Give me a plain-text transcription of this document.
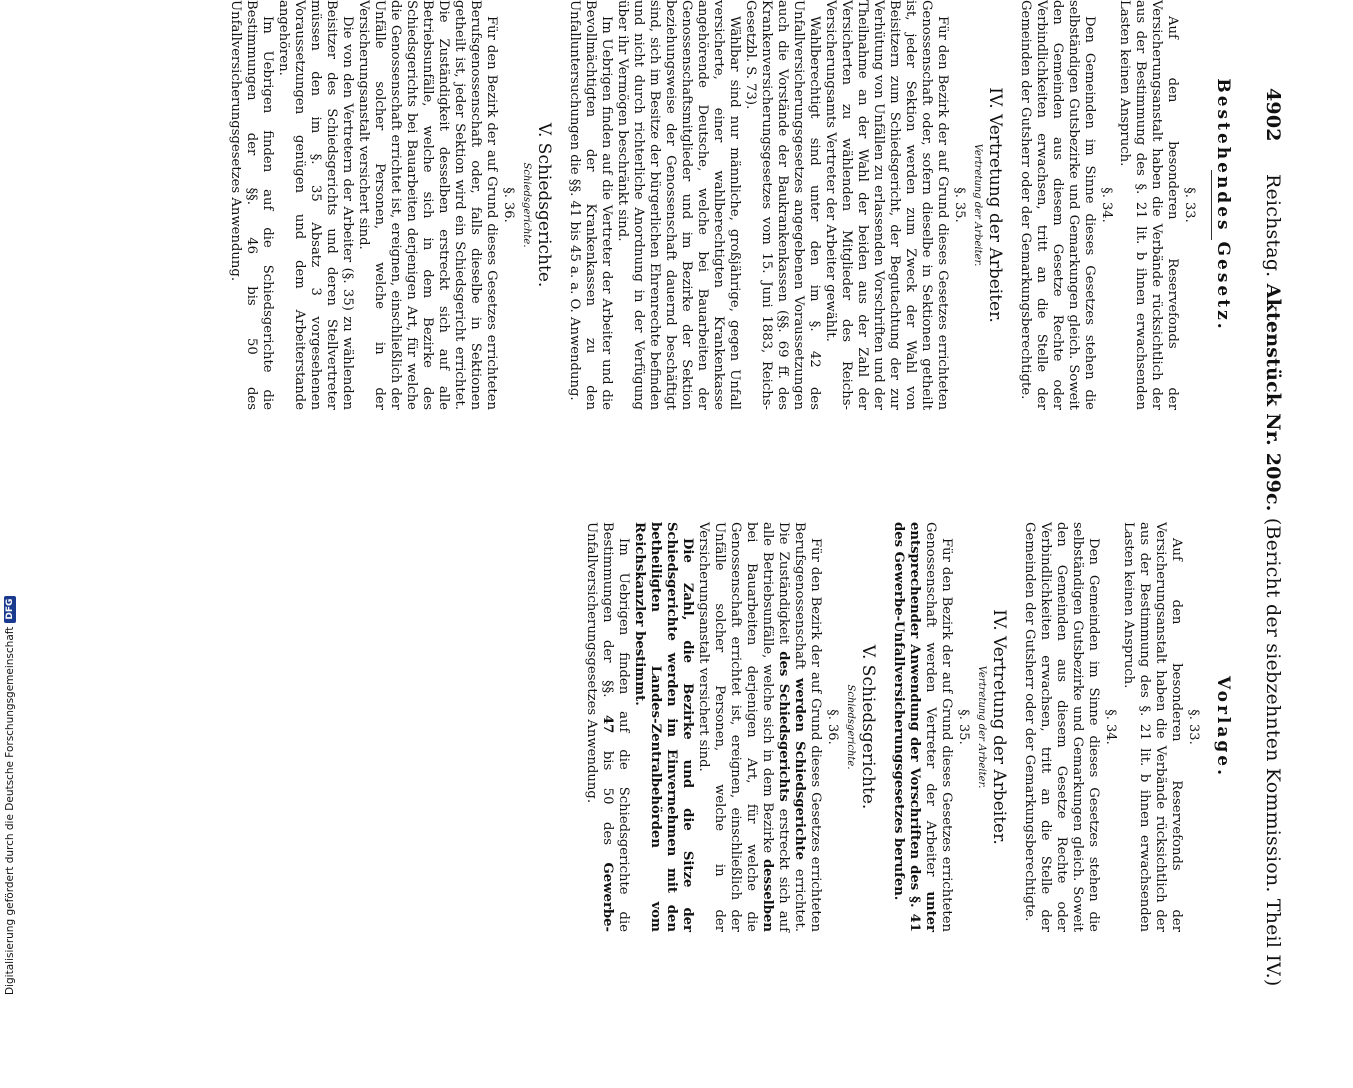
4902
Reichstag. Aktenstück Nr. 209c. (Bericht der siebzehnten Kommission. Theil IV.)
Bestehendes Gesetz.
§. 33.

Auf den besonderen Reservefonds der Versicherungsanstalt haben die Verbände rücksichtlich der aus der Bestimmung des §. 21 lit. b ihnen erwachsenden Lasten keinen Anspruch.

§. 34.

Den Gemeinden im Sinne dieses Gesetzes stehen die selbständigen Gutsbezirke und Gemarkungen gleich. Soweit den Gemeinden aus diesem Gesetze Rechte oder Verbindlichkeiten erwachsen, tritt an die Stelle der Gemeinden der Gutsherr oder der Gemarkungsberechtigte.

IV. Vertretung der Arbeiter.
Vertretung der Arbeiter.
§. 35.

Für den Bezirk der auf Grund dieses Gesetzes errichteten Genossenschaft oder, sofern dieselbe in Sektionen getheilt ist, jeder Sektion werden zum Zweck der Wahl von Beisitzern zum Schiedsgericht, der Begutachtung der zur Verhütung von Unfällen zu erlassenden Vorschriften und der Theilnahme an der Wahl der beiden aus der Zahl der Versicherten zu wählenden Mitglieder des Reichs-Versicherungsamts Vertreter der Arbeiter gewählt.

Wahlberechtigt sind unter den im §. 42 des Unfallversicherungsgesetzes angegebenen Voraussetzungen auch die Vorstände der Baukrankenkassen (§§. 69 ff. des Krankenversicherungsgesetzes vom 15. Juni 1883, Reichs-Gesetzbl. S. 73).

Wählbar sind nur männliche, großjährige, gegen Unfall versicherte, einer wahlberechtigten Krankenkasse angehörende Deutsche, welche bei Bauarbeiten der Genossenschaftsmitglieder und im Bezirke der Sektion beziehungsweise der Genossenschaft dauernd beschäftigt sind, sich im Besitze der bürgerlichen Ehrenrechte befinden und nicht durch richterliche Anordnung in der Verfügung über ihr Vermögen beschränkt sind.

Im Uebrigen finden auf die Vertreter der Arbeiter und die Bevollmächtigten der Krankenkassen zu den Unfalluntersuchungen die §§. 41 bis 45 a. a. O. Anwendung.

V. Schiedsgerichte.
Schiedsgerichte.
§. 36.

Für den Bezirk der auf Grund dieses Gesetzes errichteten Berufsgenossenschaft oder, falls dieselbe in Sektionen getheilt ist, jeder Sektion wird ein Schiedsgericht errichtet. Die Zuständigkeit desselben erstreckt sich auf alle Betriebsunfälle, welche sich in dem Bezirke des Schiedsgerichts bei Bauarbeiten derjenigen Art, für welche die Genossenschaft errichtet ist, ereignen, einschließlich der Unfälle solcher Personen, welche in der Versicherungsanstalt versichert sind.

Die von den Vertretern der Arbeiter (§. 35) zu wählenden Beisitzer des Schiedsgerichts und deren Stellvertreter müssen den im §. 35 Absatz 3 vorgesehenen Voraussetzungen genügen und dem Arbeiterstande angehören.

Im Uebrigen finden auf die Schiedsgerichte die Bestimmungen der §§. 46 bis 50 des Unfallversicherungsgesetzes Anwendung.

Vorlage.
§. 33.

Auf den besonderen Reservefonds der Versicherungsanstalt haben die Verbände rücksichtlich der aus der Bestimmung des §. 21 lit. b ihnen erwachsenden Lasten keinen Anspruch.

§. 34.

Den Gemeinden im Sinne dieses Gesetzes stehen die selbständigen Gutsbezirke und Gemarkungen gleich. Soweit den Gemeinden aus diesem Gesetze Rechte oder Verbindlichkeiten erwachsen, tritt an die Stelle der Gemeinden der Gutsherr oder der Gemarkungsberechtigte.

IV. Vertretung der Arbeiter.
Vertretung der Arbeiter.
§. 35.

Für den Bezirk der auf Grund dieses Gesetzes errichteten Genossenschaft werden Vertreter der Arbeiter unter entsprechender Anwendung der Vorschriften des §. 41 des Gewerbe-Unfallversicherungsgesetzes berufen.

V. Schiedsgerichte.
Schiedsgerichte.
§. 36.

Für den Bezirk der auf Grund dieses Gesetzes errichteten Berufsgenossenschaft werden Schiedsgerichte errichtet. Die Zuständigkeit des Schiedsgerichts erstreckt sich auf alle Betriebsunfälle, welche sich in dem Bezirke desselben bei Bauarbeiten derjenigen Art, für welche die Genossenschaft errichtet ist, ereignen, einschließlich der Unfälle solcher Personen, welche in der Versicherungsanstalt versichert sind.

Die Zahl, die Bezirke und die Sitze der Schiedsgerichte werden im Einvernehmen mit den betheiligten Landes-Zentralbehörden vom Reichskanzler bestimmt.

Im Uebrigen finden auf die Schiedsgerichte die Bestimmungen der §§. 47 bis 50 des Gewerbe-Unfallversicherungsgesetzes Anwendung.

Digitalisierung gefördert durch die Deutsche Forschungsgemeinschaft
DFG
